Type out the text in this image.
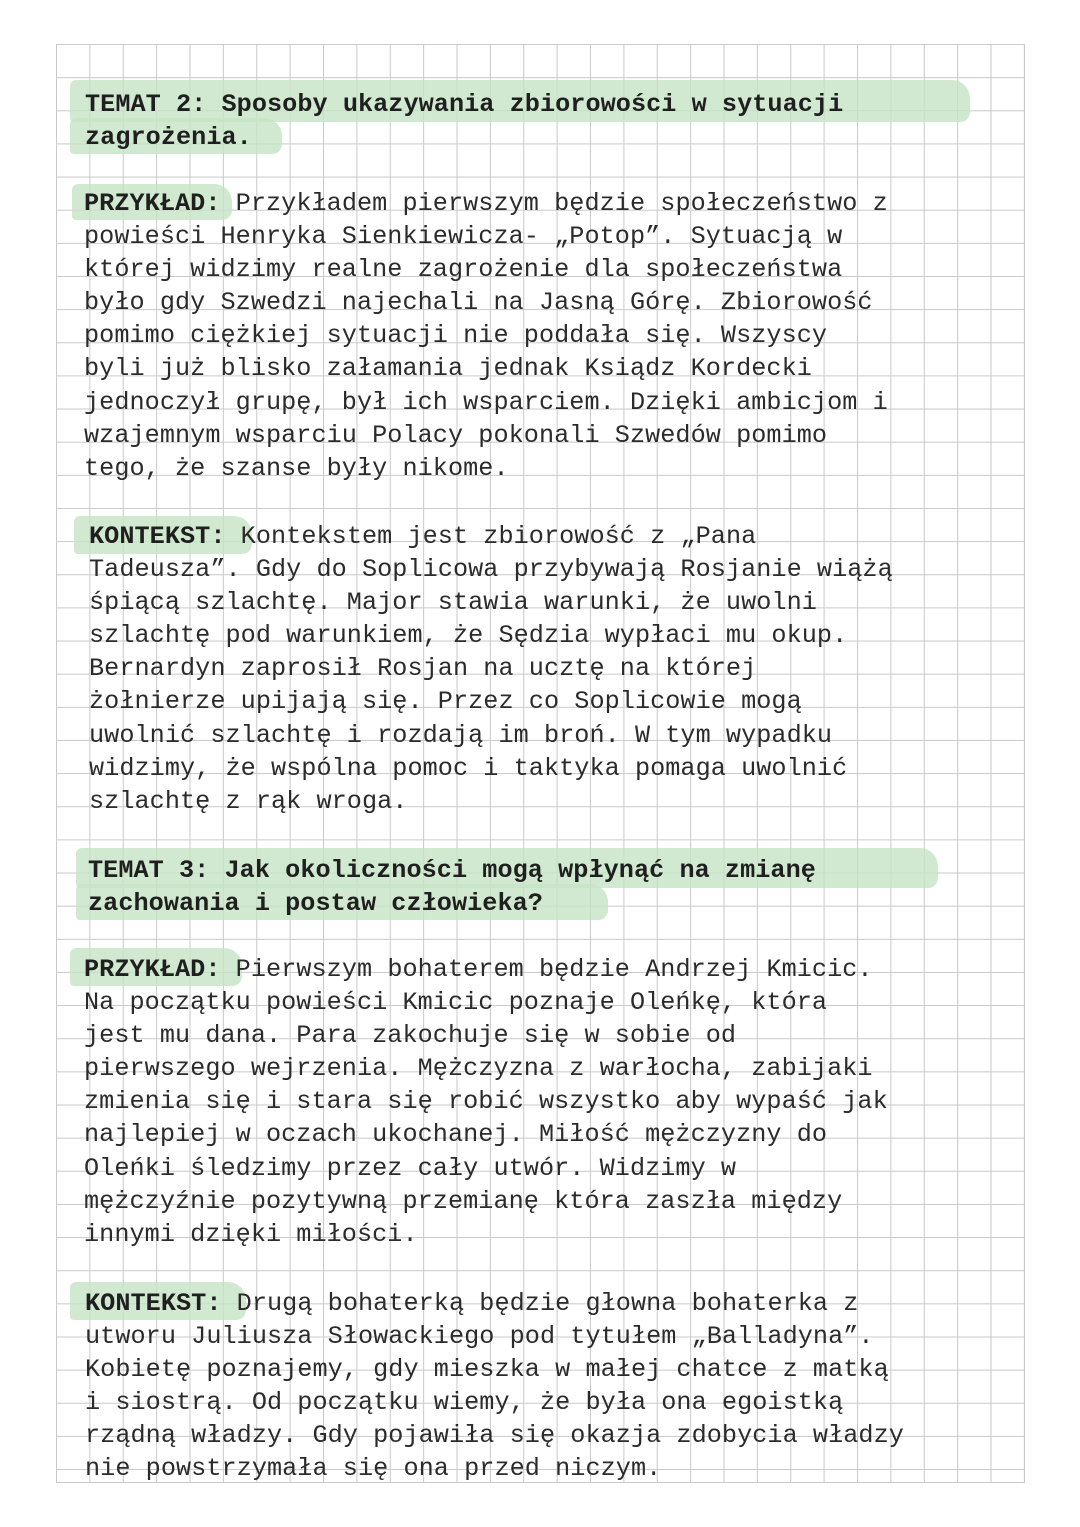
TEMAT 2: Sposoby ukazywania zbiorowości w sytuacji
zagrożenia.
PRZYKŁAD: Przykładem pierwszym będzie społeczeństwo z
powieści Henryka Sienkiewicza- „Potop”. Sytuacją w
której widzimy realne zagrożenie dla społeczeństwa
było gdy Szwedzi najechali na Jasną Górę. Zbiorowość
pomimo ciężkiej sytuacji nie poddała się. Wszyscy
byli już blisko załamania jednak Ksiądz Kordecki
jednoczył grupę, był ich wsparciem. Dzięki ambicjom i
wzajemnym wsparciu Polacy pokonali Szwedów pomimo
tego, że szanse były nikome.
KONTEKST: Kontekstem jest zbiorowość z „Pana
Tadeusza”. Gdy do Soplicowa przybywają Rosjanie wiążą
śpiącą szlachtę. Major stawia warunki, że uwolni
szlachtę pod warunkiem, że Sędzia wypłaci mu okup.
Bernardyn zaprosił Rosjan na ucztę na której
żołnierze upijają się. Przez co Soplicowie mogą
uwolnić szlachtę i rozdają im broń. W tym wypadku
widzimy, że wspólna pomoc i taktyka pomaga uwolnić
szlachtę z rąk wroga.
TEMAT 3: Jak okoliczności mogą wpłynąć na zmianę
zachowania i postaw człowieka?
PRZYKŁAD: Pierwszym bohaterem będzie Andrzej Kmicic.
Na początku powieści Kmicic poznaje Oleńkę, która
jest mu dana. Para zakochuje się w sobie od
pierwszego wejrzenia. Mężczyzna z warłocha, zabijaki
zmienia się i stara się robić wszystko aby wypaść jak
najlepiej w oczach ukochanej. Miłość mężczyzny do
Oleńki śledzimy przez cały utwór. Widzimy w
mężczyźnie pozytywną przemianę która zaszła między
innymi dzięki miłości.
KONTEKST: Drugą bohaterką będzie głowna bohaterka z
utworu Juliusza Słowackiego pod tytułem „Balladyna”.
Kobietę poznajemy, gdy mieszka w małej chatce z matką
i siostrą. Od początku wiemy, że była ona egoistką
rządną władzy. Gdy pojawiła się okazja zdobycia władzy
nie powstrzymała się ona przed niczym.
